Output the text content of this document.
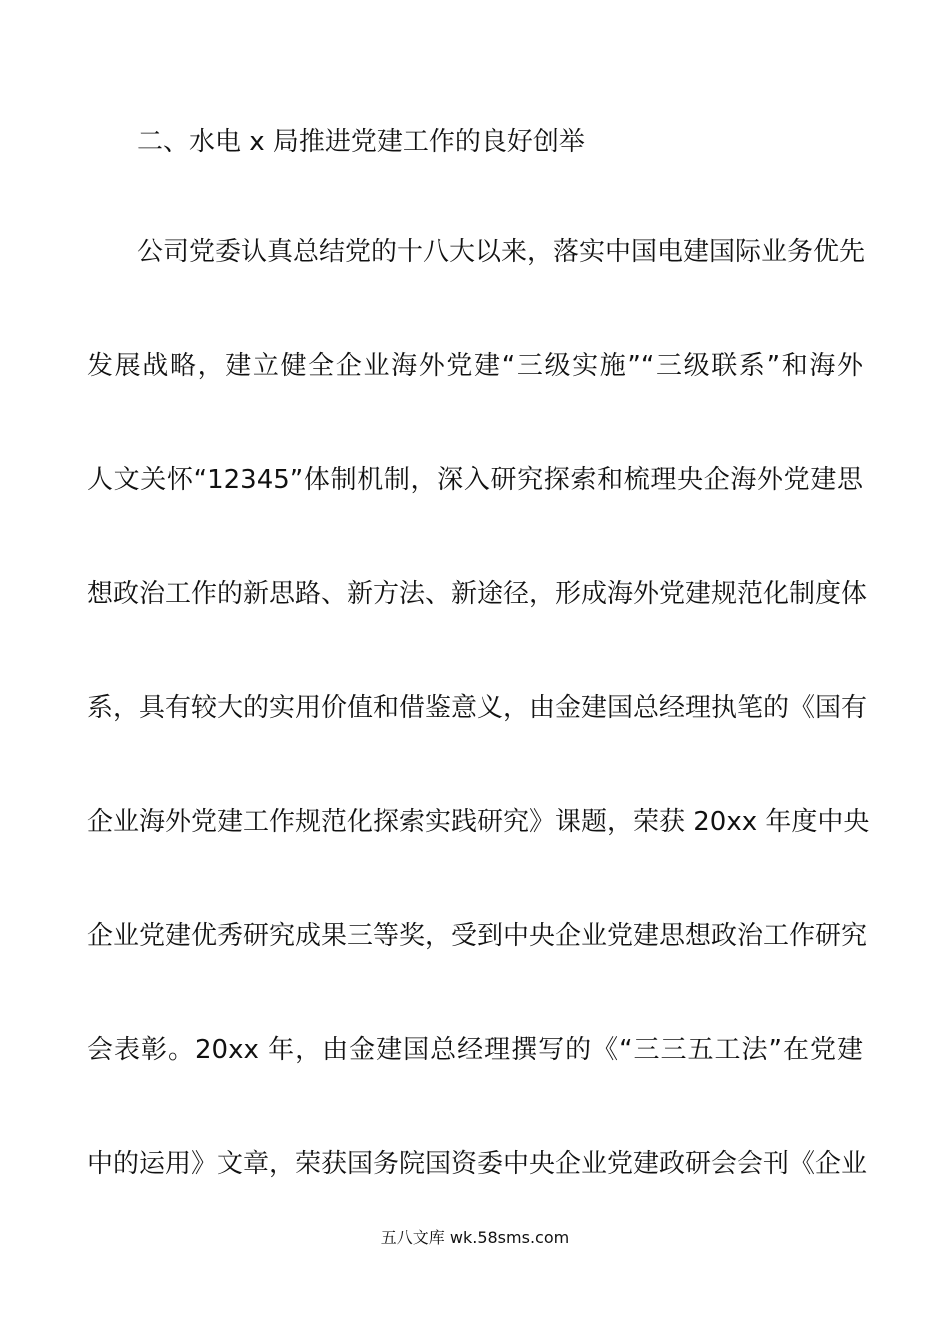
二、水电 x 局推进党建工作的良好创举

公司党委认真总结党的十八大以来，落实中国电建国际业务优先

发展战略，建立健全企业海外党建“三级实施”“三级联系”和海外

人文关怀“12345”体制机制，深入研究探索和梳理央企海外党建思

想政治工作的新思路、新方法、新途径，形成海外党建规范化制度体

系，具有较大的实用价值和借鉴意义，由金建国总经理执笔的《国有

企业海外党建工作规范化探索实践研究》课题，荣获 20xx 年度中央

企业党建优秀研究成果三等奖，受到中央企业党建思想政治工作研究

会表彰。20xx 年，由金建国总经理撰写的《“三三五工法”在党建

中的运用》文章，荣获国务院国资委中央企业党建政研会会刊《企业

五八文库 wk.58sms.com
